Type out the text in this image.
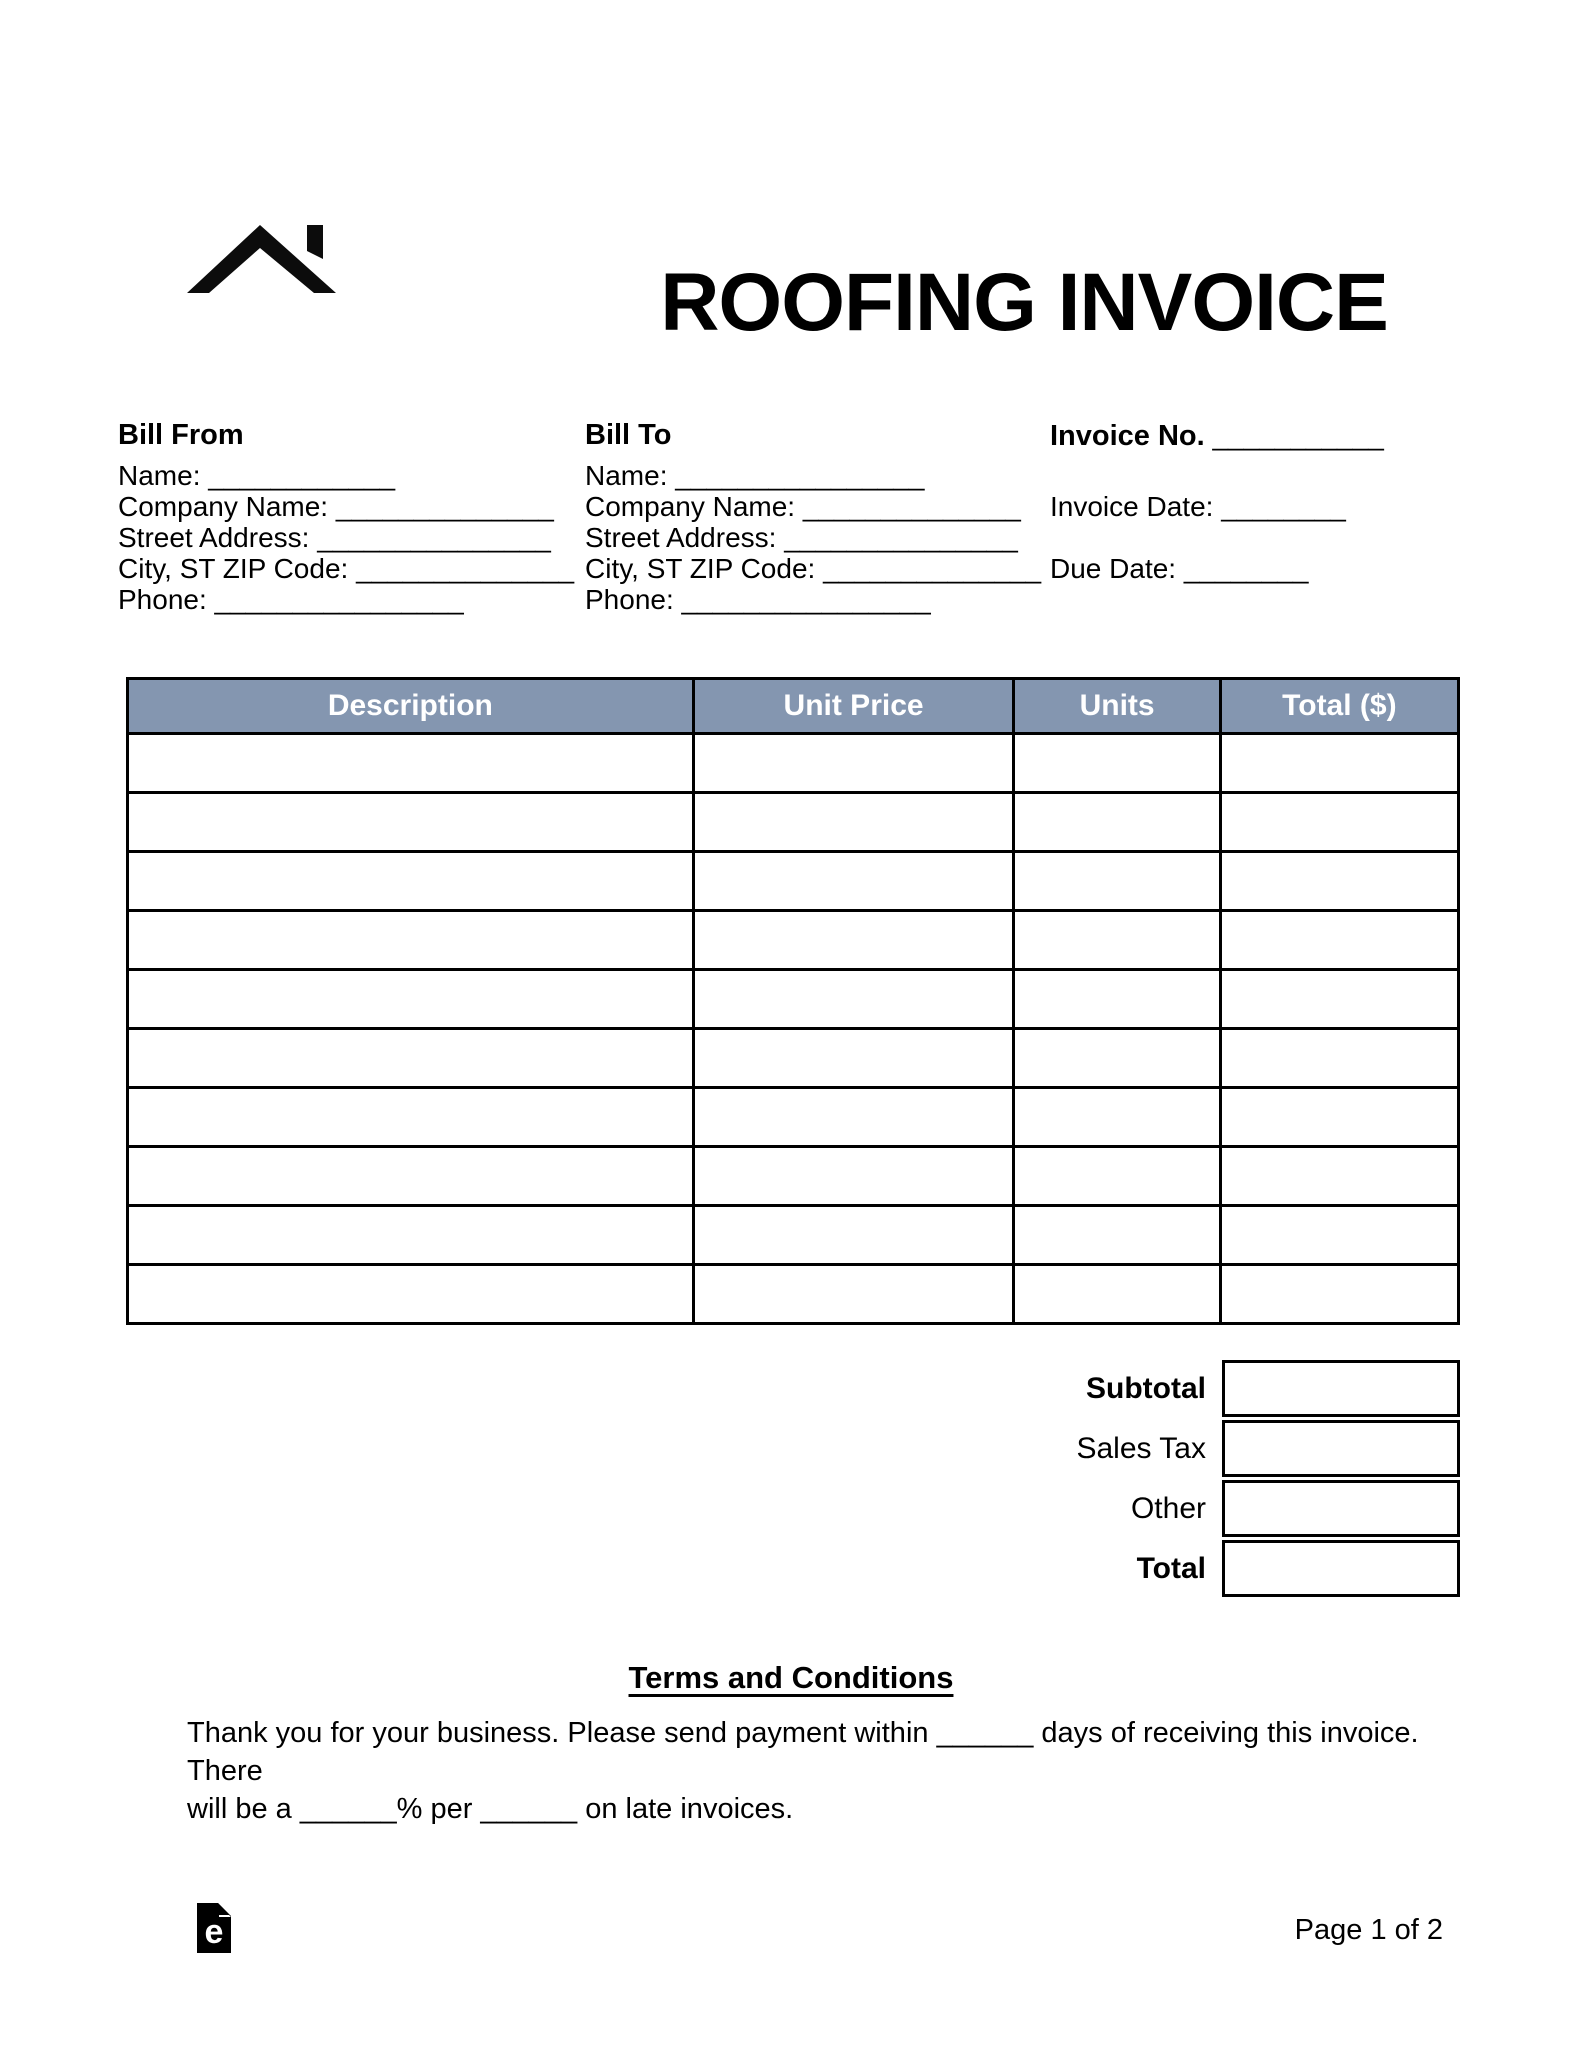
ROOFING INVOICE
Bill From
Name: ____________
Company Name: ______________
Street Address: _______________
City, ST ZIP Code: ______________
Phone: ________________
Bill To
Name: ________________
Company Name: ______________
Street Address: _______________
City, ST ZIP Code: ______________
Phone: ________________
Invoice No. ___________
Invoice Date: ________
Due Date: ________
Description	Unit Price	Units	Total ($)

Subtotal
Sales Tax
Other
Total
Terms and Conditions
Thank you for your business. Please send payment within ______ days of receiving this invoice. There
will be a ______% per ______ on late invoices.
e	Page 1 of 2
